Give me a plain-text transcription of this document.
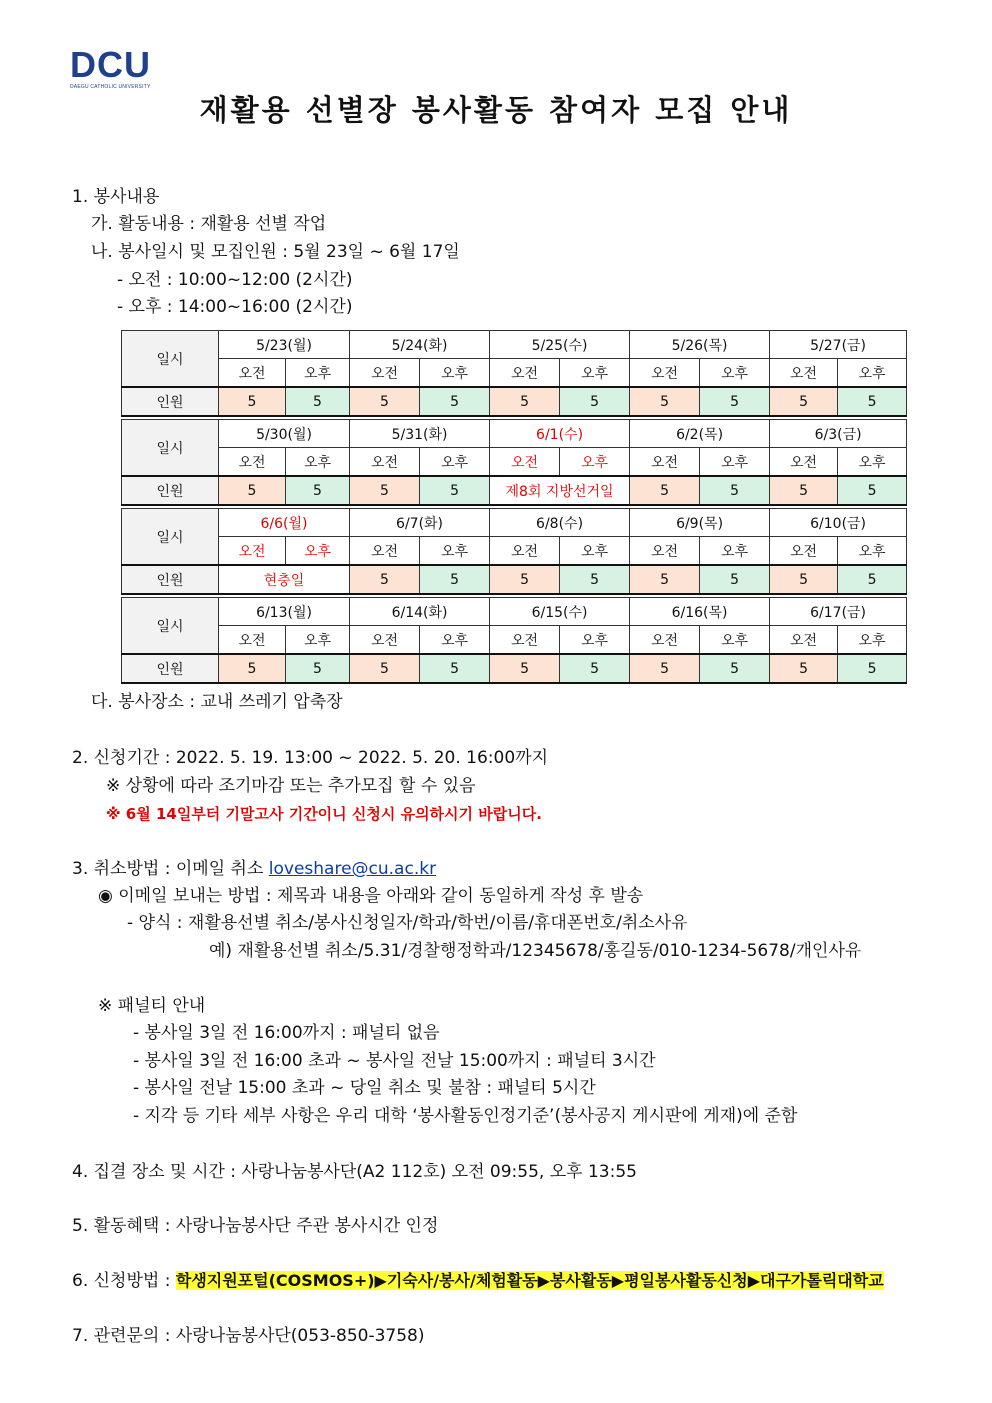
DCU
DAEGU CATHOLIC UNIVERSITY
재활용 선별장 봉사활동 참여자 모집 안내
1. 봉사내용
가. 활동내용 : 재활용 선별 작업
나. 봉사일시 및 모집인원 : 5월 23일 ~ 6월 17일
- 오전 : 10:00~12:00 (2시간)
- 오후 : 14:00~16:00 (2시간)
일시	5/23(월)		5/24(화)		5/25(수)		5/26(목)		5/27(금)	
	오전	오후	오전	오후	오전	오후	오전	오후	오전	오후
인원	5	5	5	5	5	5	5	5	5	5

일시	5/30(월)		5/31(화)		6/1(수)		6/2(목)		6/3(금)	
	오전	오후	오전	오후	오전	오후	오전	오후	오전	오후
인원	5	5	5	5	제8회 지방선거일		5	5	5	5

일시	6/6(월)		6/7(화)		6/8(수)		6/9(목)		6/10(금)	
	오전	오후	오전	오후	오전	오후	오전	오후	오전	오후
인원	현충일		5	5	5	5	5	5	5	5

일시	6/13(월)		6/14(화)		6/15(수)		6/16(목)		6/17(금)	
	오전	오후	오전	오후	오전	오후	오전	오후	오전	오후
인원	5	5	5	5	5	5	5	5	5	5
다. 봉사장소 : 교내 쓰레기 압축장
2. 신청기간 : 2022. 5. 19. 13:00 ~ 2022. 5. 20. 16:00까지
※ 상황에 따라 조기마감 또는 추가모집 할 수 있음
※ 6월 14일부터 기말고사 기간이니 신청시 유의하시기 바랍니다.
3. 취소방법 : 이메일 취소 loveshare@cu.ac.kr
◉ 이메일 보내는 방법 : 제목과 내용을 아래와 같이 동일하게 작성 후 발송
- 양식 : 재활용선별 취소/봉사신청일자/학과/학번/이름/휴대폰번호/취소사유
예) 재활용선별 취소/5.31/경찰행정학과/12345678/홍길동/010-1234-5678/개인사유
※ 패널티 안내
- 봉사일 3일 전 16:00까지 : 패널티 없음
- 봉사일 3일 전 16:00 초과 ~ 봉사일 전날 15:00까지 : 패널티 3시간
- 봉사일 전날 15:00 초과 ~ 당일 취소 및 불참 : 패널티 5시간
- 지각 등 기타 세부 사항은 우리 대학 ‘봉사활동인정기준’(봉사공지 게시판에 게재)에 준함
4. 집결 장소 및 시간 : 사랑나눔봉사단(A2 112호) 오전 09:55, 오후 13:55
5. 활동혜택 : 사랑나눔봉사단 주관 봉사시간 인정
6. 신청방법 : 학생지원포털(COSMOS+)▶기숙사/봉사/체험활동▶봉사활동▶평일봉사활동신청▶대구가톨릭대학교
7. 관련문의 : 사랑나눔봉사단(053-850-3758)
